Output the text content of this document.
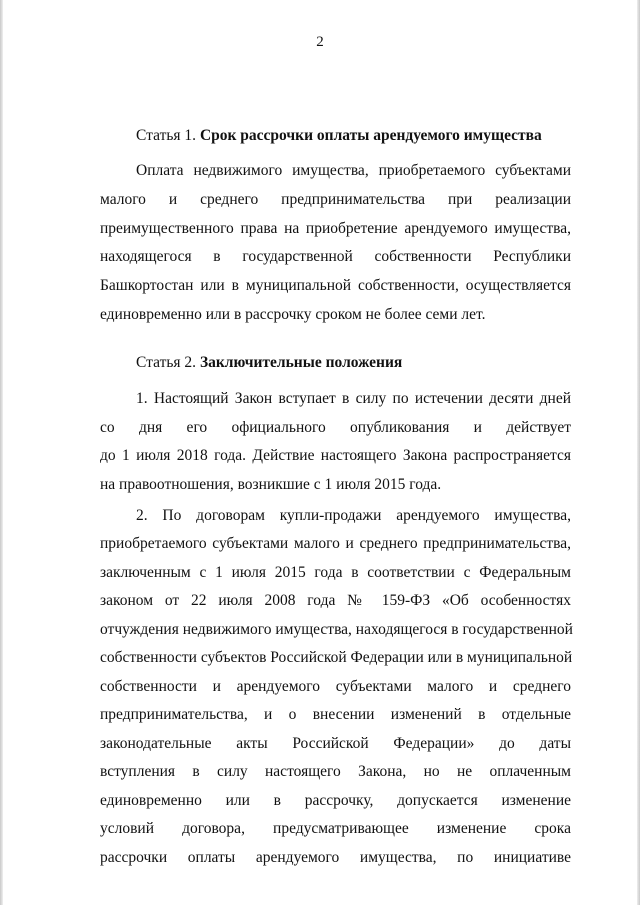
2
Статья 1. Срок рассрочки оплаты арендуемого имущества
Оплата недвижимого имущества, приобретаемого субъектами
малого и среднего предпринимательства при реализации
преимущественного права на приобретение арендуемого имущества,
находящегося в государственной собственности Республики
Башкортостан или в муниципальной собственности, осуществляется
единовременно или в рассрочку сроком не более семи лет.
Статья 2. Заключительные положения
1. Настоящий Закон вступает в силу по истечении десяти дней
со дня его официального опубликования и действует
до 1 июля 2018 года. Действие настоящего Закона распространяется
на правоотношения, возникшие с 1 июля 2015 года.
2. По договорам купли-продажи арендуемого имущества,
приобретаемого субъектами малого и среднего предпринимательства,
заключенным с 1 июля 2015 года в соответствии с Федеральным
законом от 22 июля 2008 года № 159-ФЗ «Об особенностях
отчуждения недвижимого имущества, находящегося в государственной
собственности субъектов Российской Федерации или в муниципальной
собственности и арендуемого субъектами малого и среднего
предпринимательства, и о внесении изменений в отдельные
законодательные акты Российской Федерации» до даты
вступления в силу настоящего Закона, но не оплаченным
единовременно или в рассрочку, допускается изменение
условий договора, предусматривающее изменение срока
рассрочки оплаты арендуемого имущества, по инициативе
